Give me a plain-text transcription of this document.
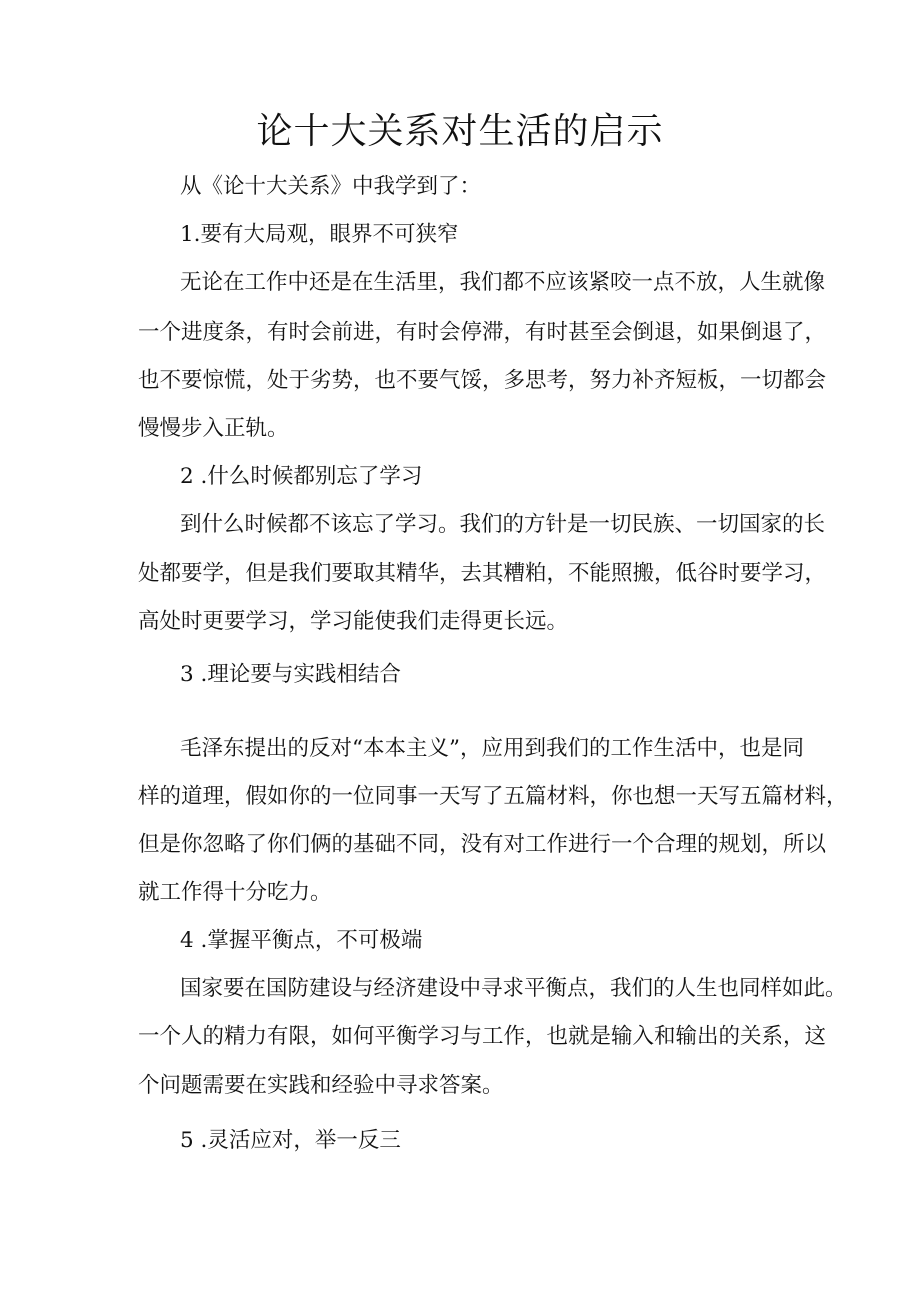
论十大关系对生活的启示

从《论十大关系》中我学到了：

1.要有大局观，眼界不可狭窄

无论在工作中还是在生活里，我们都不应该紧咬一点不放，人生就像

一个进度条，有时会前进，有时会停滞，有时甚至会倒退，如果倒退了，

也不要惊慌，处于劣势，也不要气馁，多思考，努力补齐短板，一切都会

慢慢步入正轨。

2 .什么时候都别忘了学习

到什么时候都不该忘了学习。我们的方针是一切民族、一切国家的长

处都要学，但是我们要取其精华，去其糟粕，不能照搬，低谷时要学习，

高处时更要学习，学习能使我们走得更长远。

3 .理论要与实践相结合

毛泽东提出的反对“本本主义”，应用到我们的工作生活中，也是同

样的道理，假如你的一位同事一天写了五篇材料，你也想一天写五篇材料，

但是你忽略了你们俩的基础不同，没有对工作进行一个合理的规划，所以

就工作得十分吃力。

4 .掌握平衡点，不可极端

国家要在国防建设与经济建设中寻求平衡点，我们的人生也同样如此。

一个人的精力有限，如何平衡学习与工作，也就是输入和输出的关系，这

个问题需要在实践和经验中寻求答案。

5 .灵活应对，举一反三
